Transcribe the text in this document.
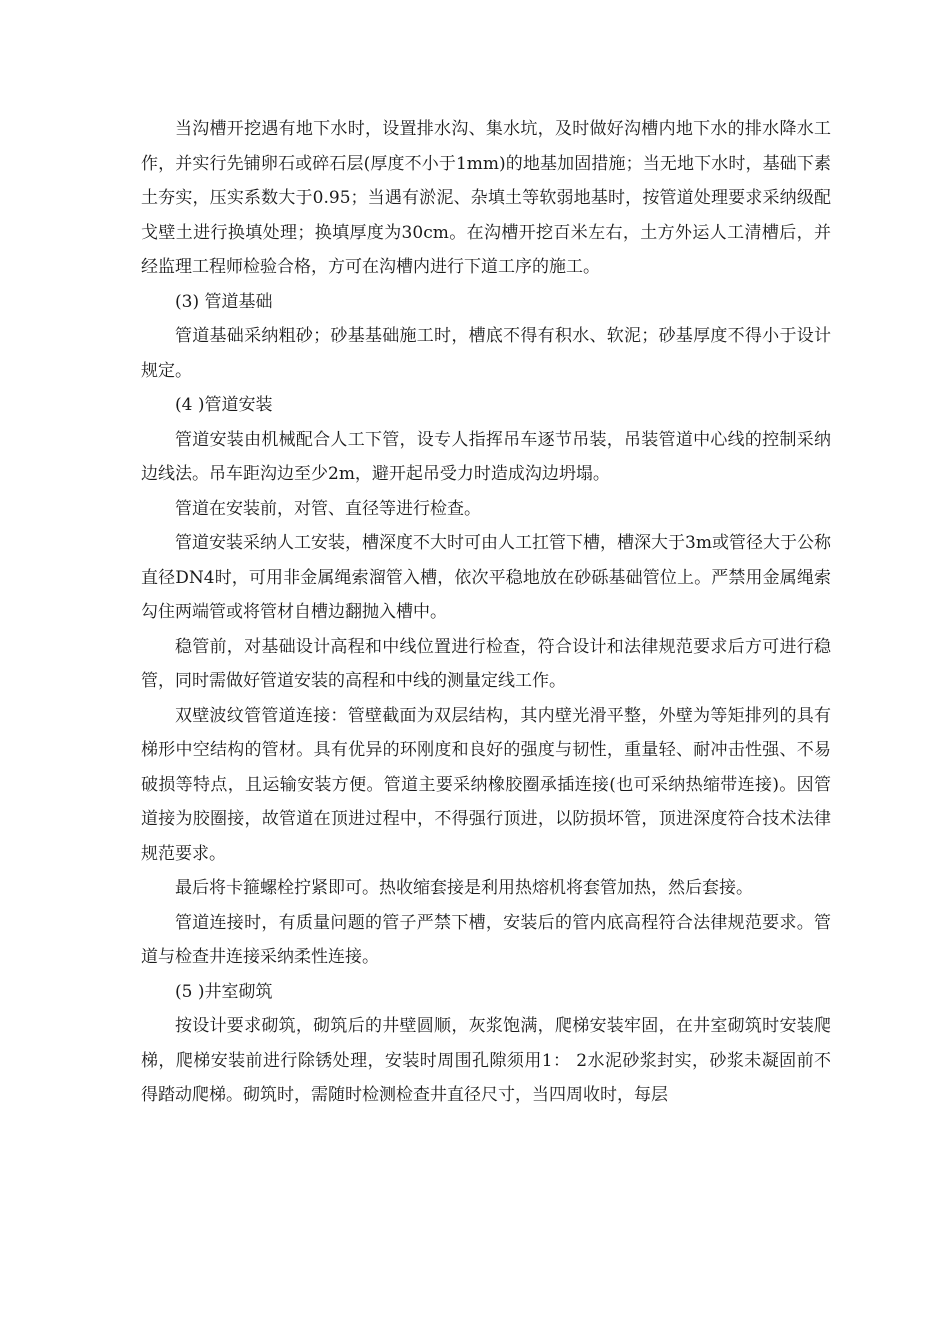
当沟槽开挖遇有地下水时，设置排水沟、集水坑，及时做好沟槽内地下水的排水降水工作，并实行先铺卵石或碎石层(厚度不小于1mm)的地基加固措施；当无地下水时，基础下素土夯实，压实系数大于0.95；当遇有淤泥、杂填土等软弱地基时，按管道处理要求采纳级配戈壁土进行换填处理；换填厚度为30cm。在沟槽开挖百米左右，土方外运人工清槽后，并经监理工程师检验合格，方可在沟槽内进行下道工序的施工。

(3) 管道基础

管道基础采纳粗砂；砂基基础施工时，槽底不得有积水、软泥；砂基厚度不得小于设计规定。

(4 )管道安装

管道安装由机械配合人工下管，设专人指挥吊车逐节吊装，吊装管道中心线的控制采纳边线法。吊车距沟边至少2m，避开起吊受力时造成沟边坍塌。

管道在安装前，对管、直径等进行检查。

管道安装采纳人工安装，槽深度不大时可由人工扛管下槽，槽深大于3m或管径大于公称直径DN4时，可用非金属绳索溜管入槽，依次平稳地放在砂砾基础管位上。严禁用金属绳索勾住两端管或将管材自槽边翻抛入槽中。

稳管前，对基础设计高程和中线位置进行检查，符合设计和法律规范要求后方可进行稳管，同时需做好管道安装的高程和中线的测量定线工作。

双壁波纹管管道连接：管壁截面为双层结构，其内壁光滑平整，外壁为等矩排列的具有梯形中空结构的管材。具有优异的环刚度和良好的强度与韧性，重量轻、耐冲击性强、不易破损等特点，且运输安装方便。管道主要采纳橡胶圈承插连接(也可采纳热缩带连接)。因管道接为胶圈接，故管道在顶进过程中，不得强行顶进，以防损坏管，顶进深度符合技术法律规范要求。

最后将卡箍螺栓拧紧即可。热收缩套接是利用热熔机将套管加热，然后套接。

管道连接时，有质量问题的管子严禁下槽，安装后的管内底高程符合法律规范要求。管道与检查井连接采纳柔性连接。

(5 )井室砌筑

按设计要求砌筑，砌筑后的井壁圆顺，灰浆饱满，爬梯安装牢固，在井室砌筑时安装爬梯，爬梯安装前进行除锈处理，安装时周围孔隙须用1： 2水泥砂浆封实，砂浆未凝固前不得踏动爬梯。砌筑时，需随时检测检查井直径尺寸，当四周收时，每层
